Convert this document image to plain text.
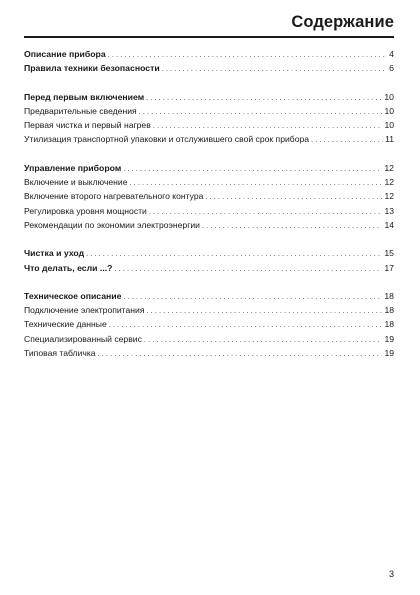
Содержание
Описание прибора . . .	4
Правила техники безопасности . . .	6
Перед первым включением . . .	10
Предварительные сведения . . .	10
Первая чистка и первый нагрев . . .	10
Утилизация транспортной упаковки и отслужившего свой срок прибора . . .	11
Управление прибором . . .	12
Включение и выключение . . .	12
Включение второго нагревательного контура . . .	12
Регулировка уровня мощности . . .	13
Рекомендации по экономии электроэнергии . . .	14
Чистка и уход . . .	15
Что делать, если ...? . . .	17
Техническое описание . . .	18
Подключение электропитания . . .	18
Технические данные . . .	18
Специализированный сервис . . .	19
Типовая табличка . . .	19
3
